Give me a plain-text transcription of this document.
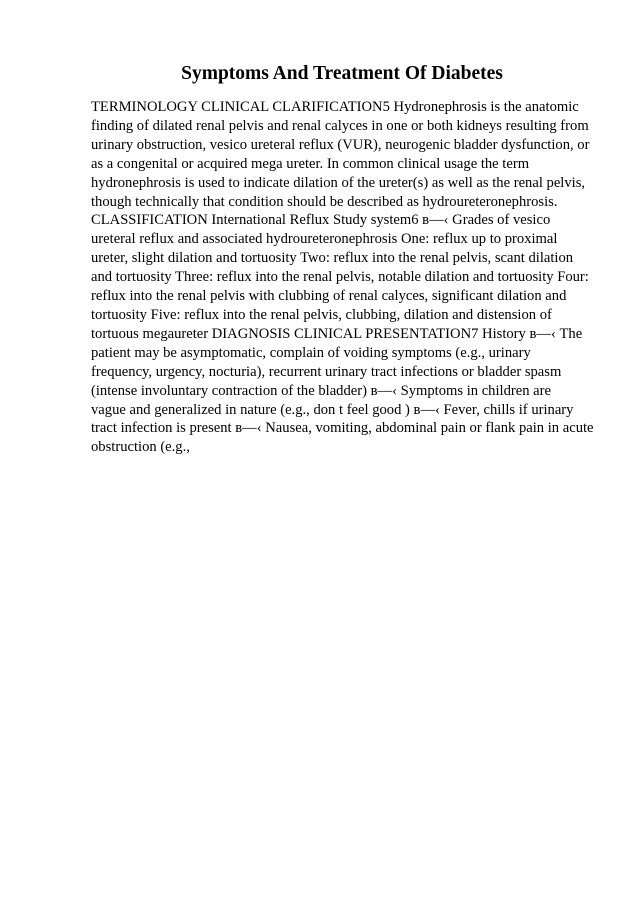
Symptoms And Treatment Of Diabetes
TERMINOLOGY CLINICAL CLARIFICATION5 Hydronephrosis is the anatomic
finding of dilated renal pelvis and renal calyces in one or both kidneys resulting from
urinary obstruction, vesico ureteral reflux (VUR), neurogenic bladder dysfunction, or
as a congenital or acquired mega ureter. In common clinical usage the term
hydronephrosis is used to indicate dilation of the ureter(s) as well as the renal pelvis,
though technically that condition should be described as hydroureteronephrosis.
CLASSIFICATION International Reflux Study system6 в—‹ Grades of vesico
ureteral reflux and associated hydroureteronephrosis One: reflux up to proximal
ureter, slight dilation and tortuosity Two: reflux into the renal pelvis, scant dilation
and tortuosity Three: reflux into the renal pelvis, notable dilation and tortuosity Four:
reflux into the renal pelvis with clubbing of renal calyces, significant dilation and
tortuosity Five: reflux into the renal pelvis, clubbing, dilation and distension of
tortuous megaureter DIAGNOSIS CLINICAL PRESENTATION7 History в—‹ The
patient may be asymptomatic, complain of voiding symptoms (e.g., urinary
frequency, urgency, nocturia), recurrent urinary tract infections or bladder spasm
(intense involuntary contraction of the bladder) в—‹ Symptoms in children are
vague and generalized in nature (e.g., don t feel good ) в—‹ Fever, chills if urinary
tract infection is present в—‹ Nausea, vomiting, abdominal pain or flank pain in acute
obstruction (e.g.,
